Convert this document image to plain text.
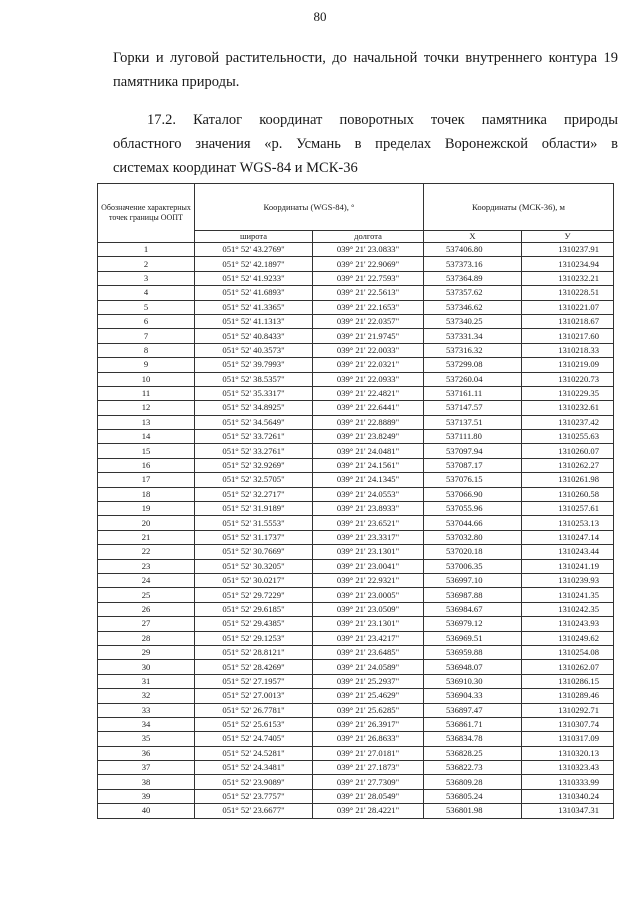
80
Горки и луговой растительности, до начальной точки внутреннего контура 19
памятника природы.
17.2. Каталог координат поворотных точек памятника природы
областного значения «р. Усмань в пределах Воронежской области» в
системах координат WGS-84 и МСК-36
Обозначение характерных точек границы ООПТ	Координаты (WGS-84), °		Координаты (МСК-36), м	
	широта	долгота	X	У
1	051° 52' 43.2769"	039° 21' 23.0833"	537406.80	1310237.91
2	051° 52' 42.1897"	039° 21' 22.9069"	537373.16	1310234.94
3	051° 52' 41.9233"	039° 21' 22.7593"	537364.89	1310232.21
4	051° 52' 41.6893"	039° 21' 22.5613"	537357.62	1310228.51
5	051° 52' 41.3365"	039° 21' 22.1653"	537346.62	1310221.07
6	051° 52' 41.1313"	039° 21' 22.0357"	537340.25	1310218.67
7	051° 52' 40.8433"	039° 21' 21.9745"	537331.34	1310217.60
8	051° 52' 40.3573"	039° 21' 22.0033"	537316.32	1310218.33
9	051° 52' 39.7993"	039° 21' 22.0321"	537299.08	1310219.09
10	051° 52' 38.5357"	039° 21' 22.0933"	537260.04	1310220.73
11	051° 52' 35.3317"	039° 21' 22.4821"	537161.11	1310229.35
12	051° 52' 34.8925"	039° 21' 22.6441"	537147.57	1310232.61
13	051° 52' 34.5649"	039° 21' 22.8889"	537137.51	1310237.42
14	051° 52' 33.7261"	039° 21' 23.8249"	537111.80	1310255.63
15	051° 52' 33.2761"	039° 21' 24.0481"	537097.94	1310260.07
16	051° 52' 32.9269"	039° 21' 24.1561"	537087.17	1310262.27
17	051° 52' 32.5705"	039° 21' 24.1345"	537076.15	1310261.98
18	051° 52' 32.2717"	039° 21' 24.0553"	537066.90	1310260.58
19	051° 52' 31.9189"	039° 21' 23.8933"	537055.96	1310257.61
20	051° 52' 31.5553"	039° 21' 23.6521"	537044.66	1310253.13
21	051° 52' 31.1737"	039° 21' 23.3317"	537032.80	1310247.14
22	051° 52' 30.7669"	039° 21' 23.1301"	537020.18	1310243.44
23	051° 52' 30.3205"	039° 21' 23.0041"	537006.35	1310241.19
24	051° 52' 30.0217"	039° 21' 22.9321"	536997.10	1310239.93
25	051° 52' 29.7229"	039° 21' 23.0005"	536987.88	1310241.35
26	051° 52' 29.6185"	039° 21' 23.0509"	536984.67	1310242.35
27	051° 52' 29.4385"	039° 21' 23.1301"	536979.12	1310243.93
28	051° 52' 29.1253"	039° 21' 23.4217"	536969.51	1310249.62
29	051° 52' 28.8121"	039° 21' 23.6485"	536959.88	1310254.08
30	051° 52' 28.4269"	039° 21' 24.0589"	536948.07	1310262.07
31	051° 52' 27.1957"	039° 21' 25.2937"	536910.30	1310286.15
32	051° 52' 27.0013"	039° 21' 25.4629"	536904.33	1310289.46
33	051° 52' 26.7781"	039° 21' 25.6285"	536897.47	1310292.71
34	051° 52' 25.6153"	039° 21' 26.3917"	536861.71	1310307.74
35	051° 52' 24.7405"	039° 21' 26.8633"	536834.78	1310317.09
36	051° 52' 24.5281"	039° 21' 27.0181"	536828.25	1310320.13
37	051° 52' 24.3481"	039° 21' 27.1873"	536822.73	1310323.43
38	051° 52' 23.9089"	039° 21' 27.7309"	536809.28	1310333.99
39	051° 52' 23.7757"	039° 21' 28.0549"	536805.24	1310340.24
40	051° 52' 23.6677"	039° 21' 28.4221"	536801.98	1310347.31
